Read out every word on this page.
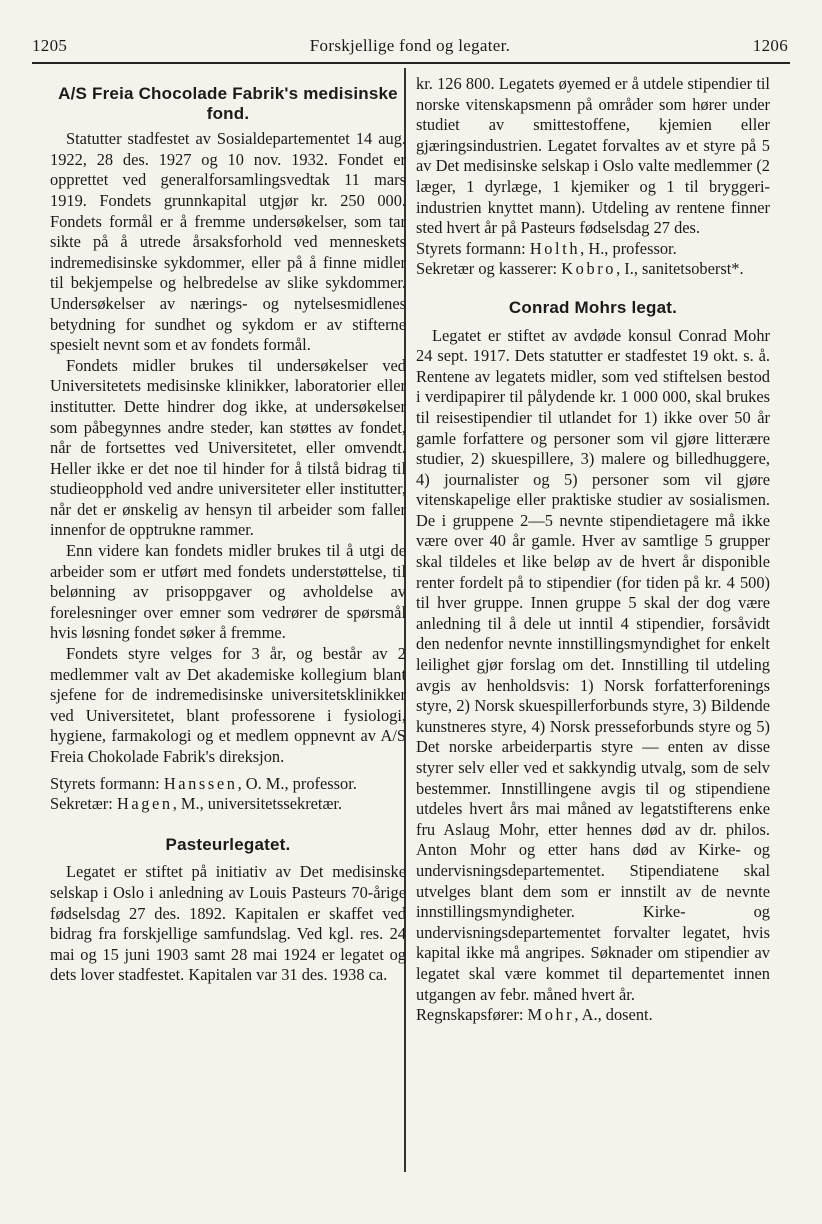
1205	Forskjellige fond og legater.	1206
A/S Freia Chocolade Fabrik's medisinske fond.

Statutter stadfestet av Sosialdepartementet 14 aug. 1922, 28 des. 1927 og 10 nov. 1932. Fondet er opprettet ved generalforsamlingsvedtak 11 mars 1919. Fondets grunnkapital utgjør kr. 250 000. Fondets formål er å fremme undersøkelser, som tar sikte på å utrede årsaksforhold ved menneskets indremedisinske sykdommer, eller på å finne midler til bekjempelse og helbredelse av slike sykdommer. Undersøkelser av nærings- og nytelsesmidlenes betydning for sundhet og sykdom er av stifterne spesielt nevnt som et av fondets formål.

Fondets midler brukes til undersøkelser ved Universitetets medisinske klinikker, laboratorier eller institutter. Dette hindrer dog ikke, at undersøkelser som påbegynnes andre steder, kan støttes av fondet, når de fortsettes ved Universitetet, eller omvendt. Heller ikke er det noe til hinder for å tilstå bidrag til studieopphold ved andre universiteter eller institutter, når det er ønskelig av hensyn til arbeider som faller innenfor de opptrukne rammer.

Enn videre kan fondets midler brukes til å utgi de arbeider som er utført med fondets understøttelse, til belønning av prisoppgaver og avholdelse av forelesninger over emner som vedrører de spørsmål hvis løsning fondet søker å fremme.

Fondets styre velges for 3 år, og består av 2 medlemmer valt av Det akademiske kollegium blant sjefene for de indremedisinske universitetsklinikker ved Universitetet, blant professorene i fysiologi, hygiene, farmakologi og et medlem oppnevnt av A/S Freia Chokolade Fabrik's direksjon.

Styrets formann: Hanssen, O. M., professor.

Sekretær: Hagen, M., universitetssekretær.

Pasteurlegatet.

Legatet er stiftet på initiativ av Det medisinske selskap i Oslo i anledning av Louis Pasteurs 70-årige fødselsdag 27 des. 1892. Kapitalen er skaffet ved bidrag fra forskjellige samfundslag. Ved kgl. res. 24 mai og 15 juni 1903 samt 28 mai 1924 er legatet og dets lover stadfestet. Kapitalen var 31 des. 1938 ca.

kr. 126 800. Legatets øyemed er å utdele stipendier til norske vitenskapsmenn på områder som hører under studiet av smittestoffene, kjemien eller gjæringsindustrien. Legatet forvaltes av et styre på 5 av Det medisinske selskap i Oslo valte medlemmer (2 læger, 1 dyrlæge, 1 kjemiker og 1 til bryggeri-industrien knyttet mann). Utdeling av rentene finner sted hvert år på Pasteurs fødselsdag 27 des.

Styrets formann: Holth, H., professor.

Sekretær og kasserer: Kobro, I., sanitetsoberst*.

Conrad Mohrs legat.

Legatet er stiftet av avdøde konsul Conrad Mohr 24 sept. 1917. Dets statutter er stadfestet 19 okt. s. å. Rentene av legatets midler, som ved stiftelsen bestod i verdipapirer til pålydende kr. 1 000 000, skal brukes til reisestipendier til utlandet for 1) ikke over 50 år gamle forfattere og personer som vil gjøre litterære studier, 2) skuespillere, 3) malere og billedhuggere, 4) journalister og 5) personer som vil gjøre vitenskapelige eller praktiske studier av sosialismen. De i gruppene 2—5 nevnte stipendietagere må ikke være over 40 år gamle. Hver av samtlige 5 grupper skal tildeles et like beløp av de hvert år disponible renter fordelt på to stipendier (for tiden på kr. 4 500) til hver gruppe. Innen gruppe 5 skal der dog være anledning til å dele ut inntil 4 stipendier, forsåvidt den nedenfor nevnte innstillingsmyndighet for enkelt leilighet gjør forslag om det. Innstilling til utdeling avgis av henholdsvis: 1) Norsk forfatterforenings styre, 2) Norsk skuespillerforbunds styre, 3) Bildende kunstneres styre, 4) Norsk presseforbunds styre og 5) Det norske arbeiderpartis styre — enten av disse styrer selv eller ved et sakkyndig utvalg, som de selv bestemmer. Innstillingene avgis til og stipendiene utdeles hvert års mai måned av legatstifterens enke fru Aslaug Mohr, etter hennes død av dr. philos. Anton Mohr og etter hans død av Kirke- og undervisningsdepartementet. Stipendiatene skal utvelges blant dem som er innstilt av de nevnte innstillingsmyndigheter. Kirke- og undervisningsdepartementet forvalter legatet, hvis kapital ikke må angripes. Søknader om stipendier av legatet skal være kommet til departementet innen utgangen av febr. måned hvert år.

Regnskapsfører: Mohr, A., dosent.
